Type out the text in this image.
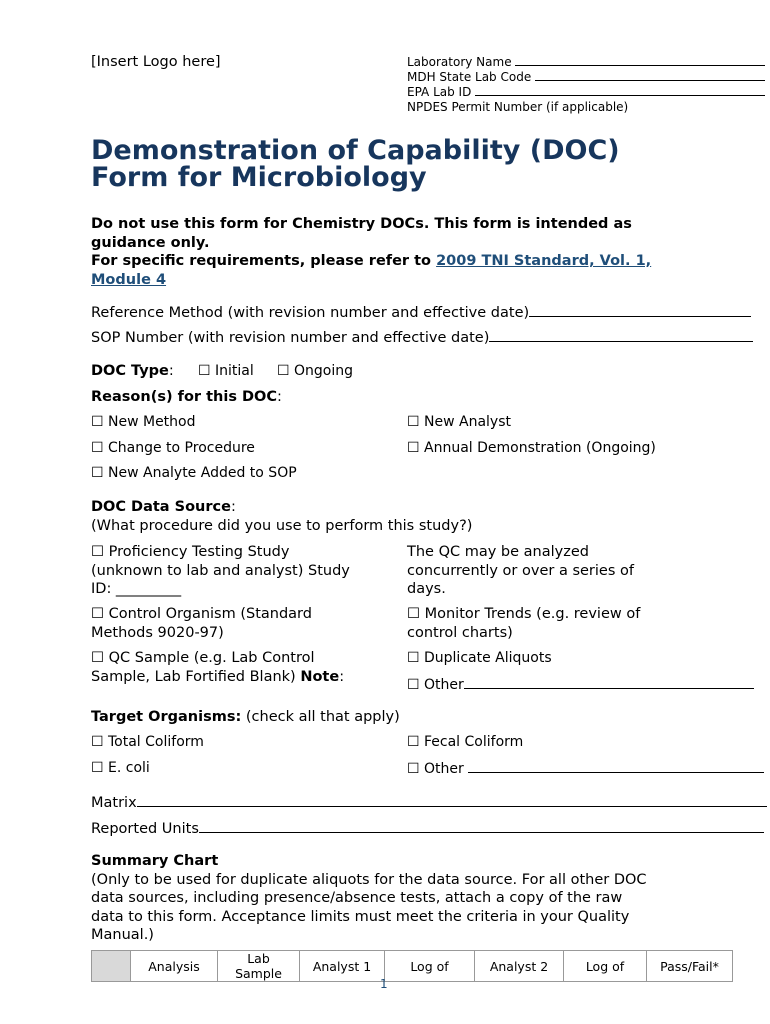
[Insert Logo here]	Laboratory Name
MDH State Lab Code
EPA Lab ID
NPDES Permit Number (if applicable)
Demonstration of Capability (DOC)
Form for Microbiology
Do not use this form for Chemistry DOCs. This form is intended as
guidance only.
For specific requirements, please refer to 2009 TNI Standard, Vol. 1,
Module 4
Reference Method (with revision number and effective date)
SOP Number (with revision number and effective date)
DOC Type: ☐ Initial ☐ Ongoing
Reason(s) for this DOC:
☐ New Method	☐ New Analyst
☐ Change to Procedure	☐ Annual Demonstration (Ongoing)
☐ New Analyte Added to SOP
DOC Data Source:
(What procedure did you use to perform this study?)
☐ Proficiency Testing Study
(unknown to lab and analyst) Study
ID: _________
The QC may be analyzed
concurrently or over a series of
days.
☐ Control Organism (Standard
Methods 9020-97)
☐ Monitor Trends (e.g. review of
control charts)
☐ QC Sample (e.g. Lab Control
Sample, Lab Fortified Blank) Note:
☐ Duplicate Aliquots
☐ Other
Target Organisms: (check all that apply)
☐ Total Coliform	☐ Fecal Coliform
☐ E. coli	☐ Other
Matrix
Reported Units
Summary Chart
(Only to be used for duplicate aliquots for the data source. For all other DOC
data sources, including presence/absence tests, attach a copy of the raw
data to this form. Acceptance limits must meet the criteria in your Quality
Manual.)
	Analysis	Lab Sample	Analyst 1	Log of	Analyst 2	Log of	Pass/Fail*
1
